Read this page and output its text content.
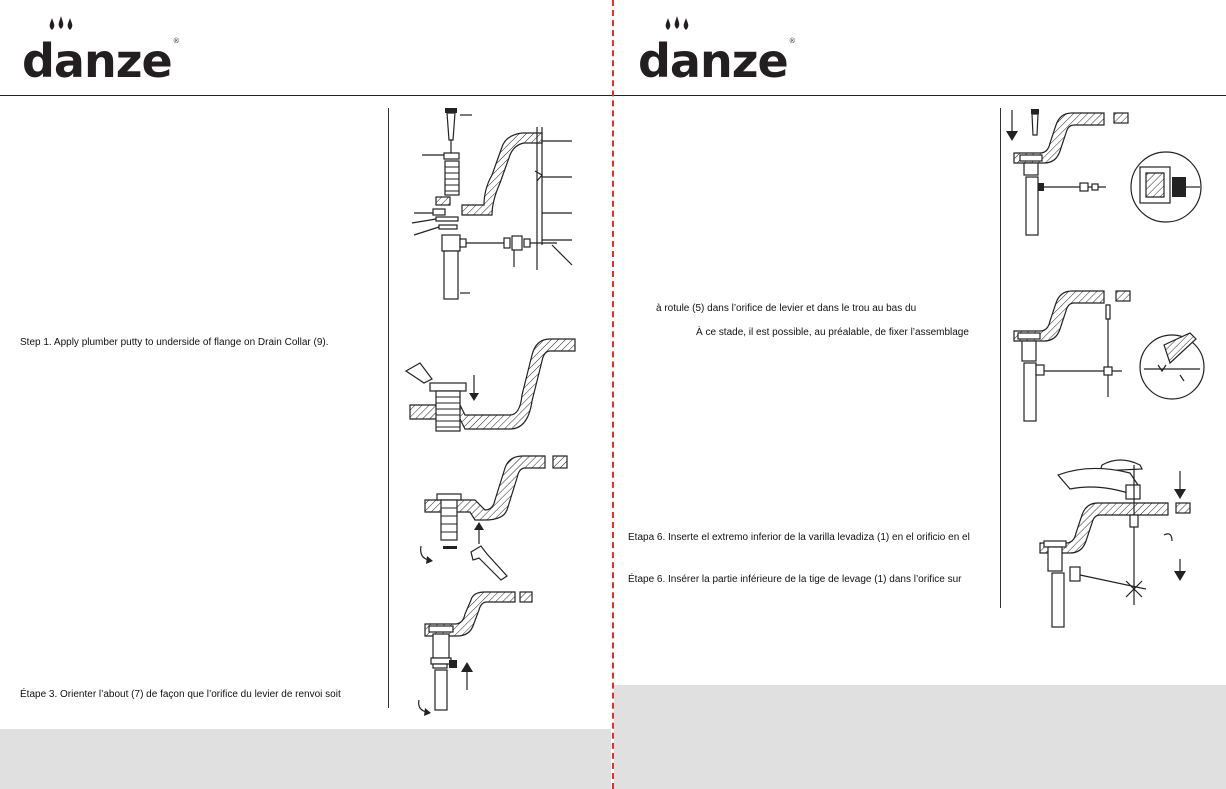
danze®	danze®
Step 1. Apply plumber putty to underside of flange on Drain Collar (9).
Étape 3. Orienter l’about (7) de façon que l’orifice du levier de renvoi soit
à rotule (5) dans l’orifice de levier et dans le trou au bas du
À ce stade, il est possible, au préalable, de fixer l’assemblage
Etapa 6. Inserte el extremo inferior de la varilla levadiza (1) en el orificio en el
Étape 6. Insérer la partie inférieure de la tige de levage (1) dans l’orifice sur
